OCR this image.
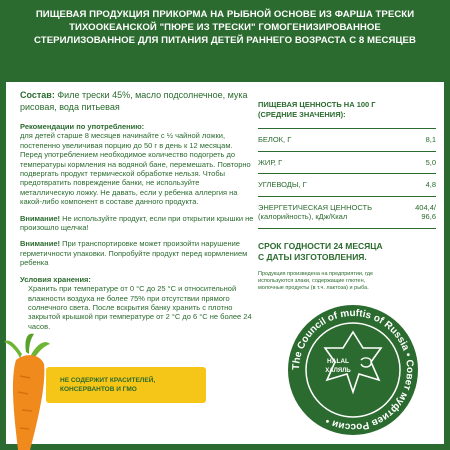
ПИЩЕВАЯ ПРОДУКЦИЯ ПРИКОРМА НА РЫБНОЙ ОСНОВЕ ИЗ ФАРША ТРЕСКИ
ТИХООКЕАНСКОЙ "ПЮРЕ ИЗ ТРЕСКИ" ГОМОГЕНИЗИРОВАННОЕ
СТЕРИЛИЗОВАННОЕ ДЛЯ ПИТАНИЯ ДЕТЕЙ РАННЕГО ВОЗРАСТА С 8 МЕСЯЦЕВ
Состав: Филе трески 45%, масло подсолнечное, мука рисовая, вода питьевая
Рекомендации по употреблению:
для детей старше 8 месяцев начинайте с ½ чайной ложки, постепенно увеличивая порцию до 50 г в день к 12 месяцам. Перед употреблением необходимое количество подогреть до температуры кормления на водяной бане, перемешать. Повторно подвергать продукт термической обработке нельзя. Чтобы предотвратить повреждение банки, не используйте металлическую ложку. Не давать, если у ребенка аллергия на какой-либо компонент в составе данного продукта.
Внимание! Не используйте продукт, если при открытии крышки не произошло щелчка!
Внимание! При транспортировке может произойти нарушение герметичности упаковки. Попробуйте продукт перед кормлением ребенка
Условия хранения:
Хранить при температуре от 0 °С до 25 °С и относительной влажности воздуха не более 75% при отсутствии прямого солнечного света. После вскрытия банку хранить с плотно закрытой крышкой при температуре от 2 °С до 6 °С не более 24 часов.
ПИЩЕВАЯ ЦЕННОСТЬ НА 100 Г
(СРЕДНИЕ ЗНАЧЕНИЯ):
БЕЛОК, Г	8,1
ЖИР, Г	5,0
УГЛЕВОДЫ, Г	4,8
ЭНЕРГЕТИЧЕСКАЯ ЦЕННОСТЬ
(калорийность), кДж/Ккал
404,4/
96,6
СРОК ГОДНОСТИ 24 МЕСЯЦА
С ДАТЫ ИЗГОТОВЛЕНИЯ.
Продукция произведена на предприятии, где используются злаки, содержащие глютен, молочные продукты (в т.ч. лактоза) и рыба.
НЕ СОДЕРЖИТ КРАСИТЕЛЕЙ,
КОНСЕРВАНТОВ И ГМО
The Council of muftis of Russia • Совет муфтиев России •
HALAL
ХАЛЯЛЬ
